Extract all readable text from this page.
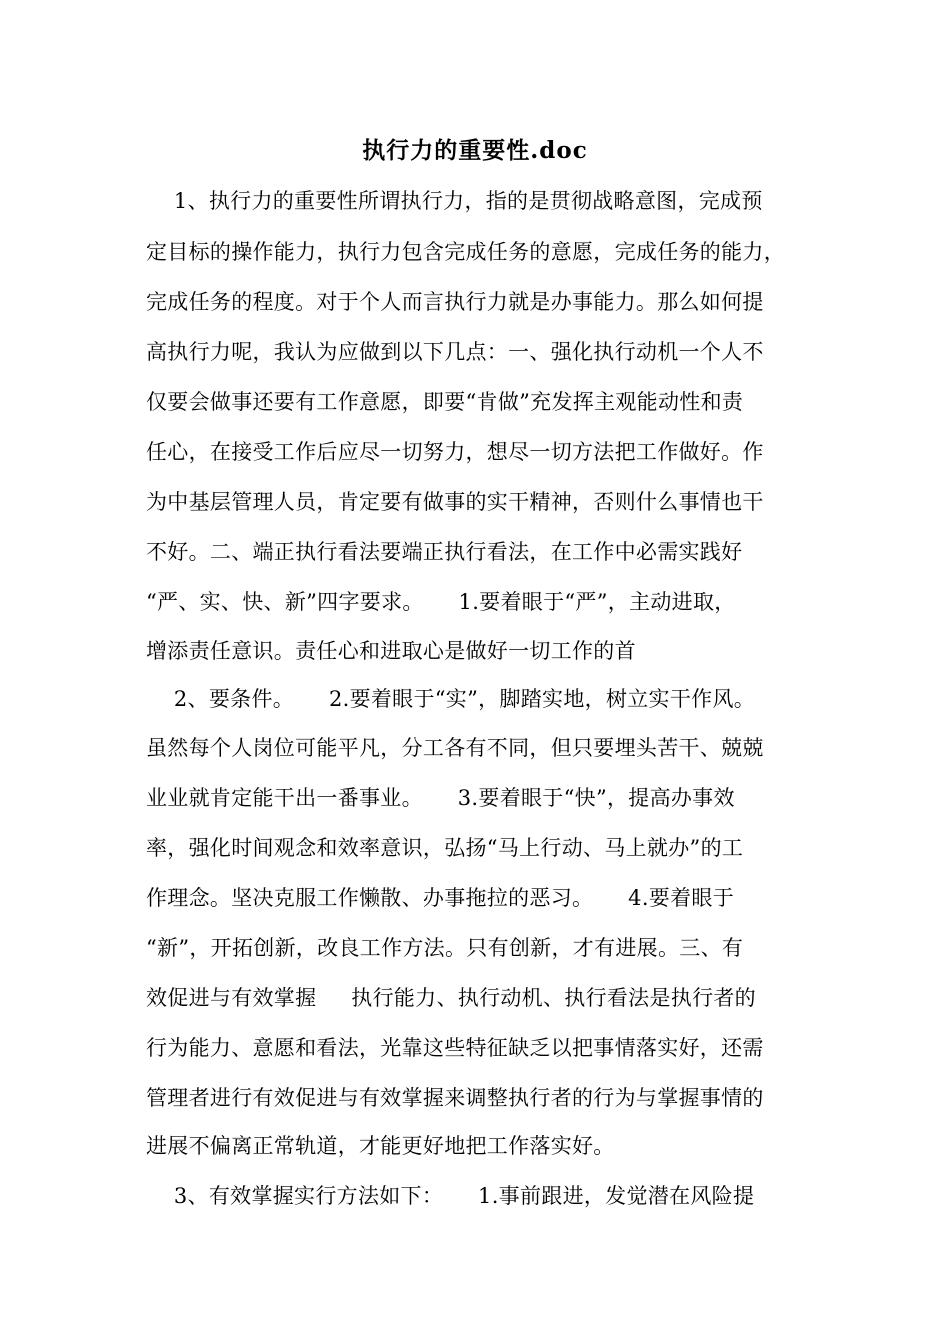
执行力的重要性.doc
1、执行力的重要性所谓执行力，指的是贯彻战略意图，完成预
定目标的操作能力，执行力包含完成任务的意愿，完成任务的能力，
完成任务的程度。对于个人而言执行力就是办事能力。那么如何提
高执行力呢，我认为应做到以下几点：一、强化执行动机一个人不
仅要会做事还要有工作意愿，即要“肯做”充发挥主观能动性和责
任心，在接受工作后应尽一切努力，想尽一切方法把工作做好。作
为中基层管理人员，肯定要有做事的实干精神，否则什么事情也干
不好。二、端正执行看法要端正执行看法，在工作中必需实践好
“严、实、快、新”四字要求。     1.要着眼于“严”，主动进取，
增添责任意识。责任心和进取心是做好一切工作的首
2、要条件。     2.要着眼于“实”，脚踏实地，树立实干作风。
虽然每个人岗位可能平凡，分工各有不同，但只要埋头苦干、兢兢
业业就肯定能干出一番事业。     3.要着眼于“快”，提高办事效
率，强化时间观念和效率意识，弘扬“马上行动、马上就办”的工
作理念。坚决克服工作懒散、办事拖拉的恶习。     4.要着眼于
“新”，开拓创新，改良工作方法。只有创新，才有进展。三、有
效促进与有效掌握     执行能力、执行动机、执行看法是执行者的
行为能力、意愿和看法，光靠这些特征缺乏以把事情落实好，还需
管理者进行有效促进与有效掌握来调整执行者的行为与掌握事情的
进展不偏离正常轨道，才能更好地把工作落实好。
3、有效掌握实行方法如下：     1.事前跟进，发觉潜在风险提
